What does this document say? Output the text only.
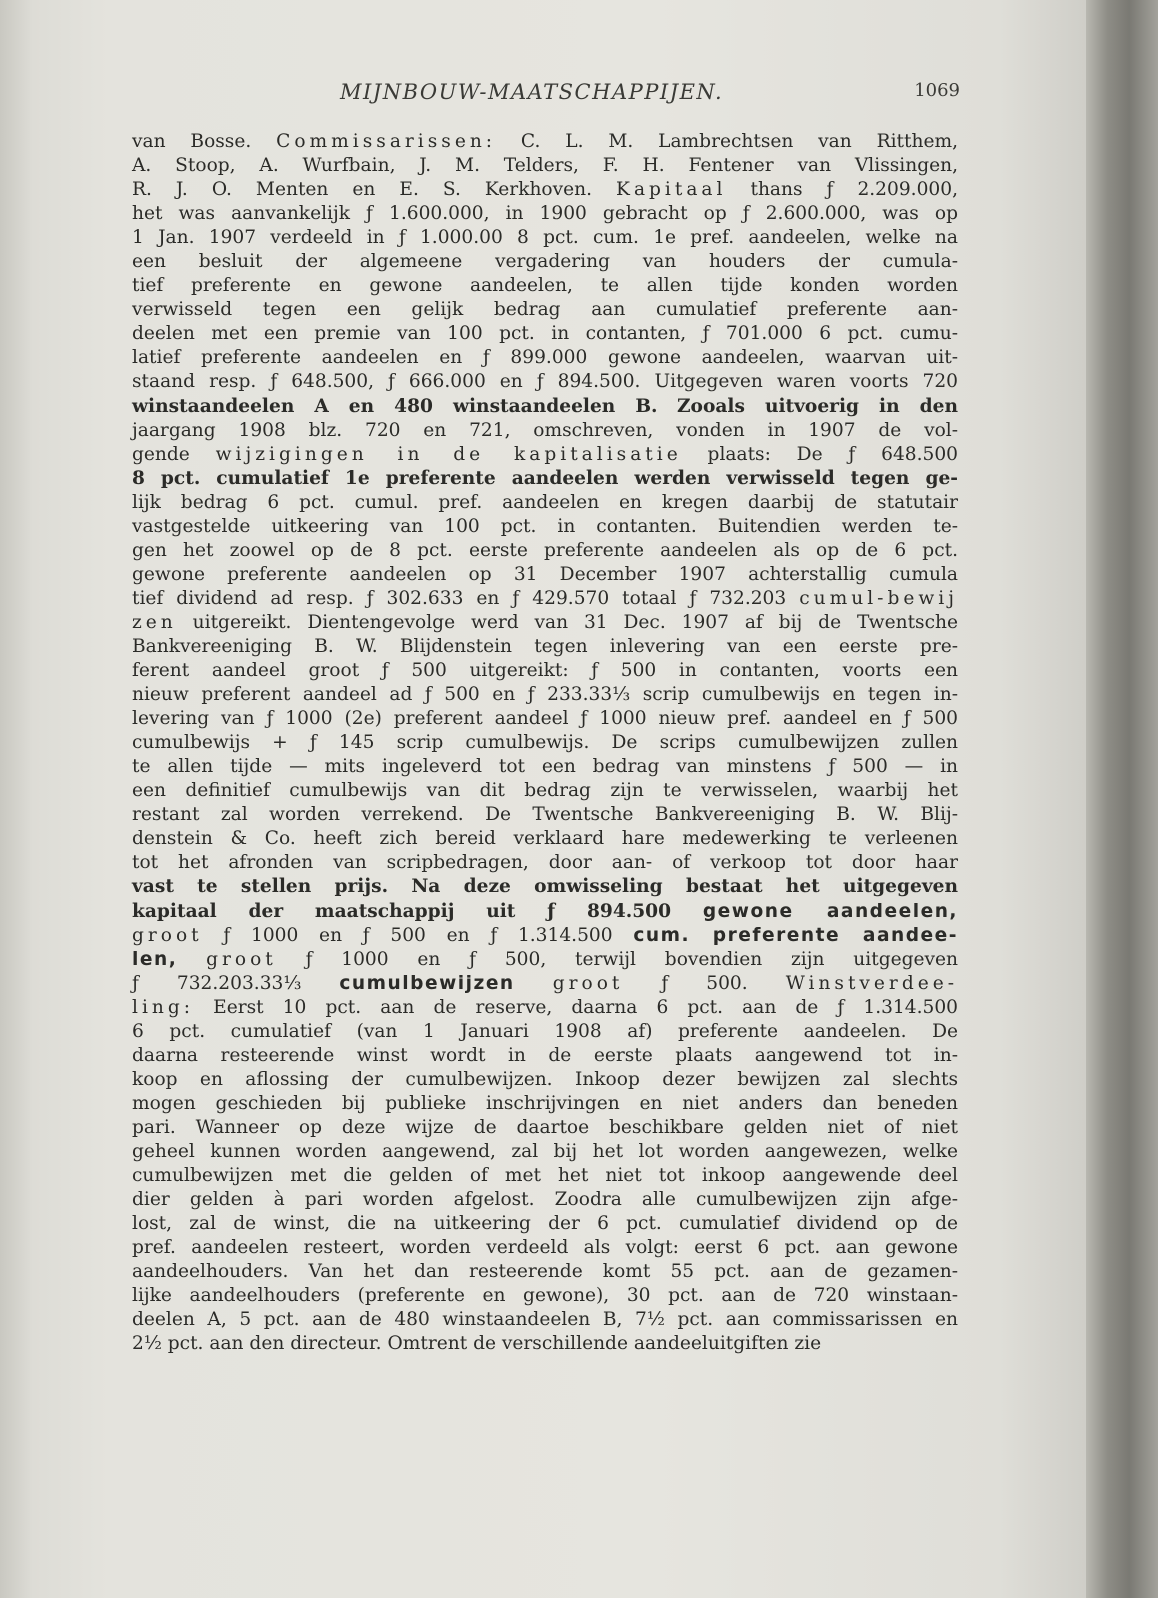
MIJNBOUW-MAATSCHAPPIJEN.	1069
van Bosse. Commissarissen: C. L. M. Lambrechtsen van Ritthem,
A. Stoop, A. Wurfbain, J. M. Telders, F. H. Fentener van Vlissingen,
R. J. O. Menten en E. S. Kerkhoven. Kapitaal thans ƒ 2.209.000,
het was aanvankelijk ƒ 1.600.000, in 1900 gebracht op ƒ 2.600.000, was op
1 Jan. 1907 verdeeld in ƒ 1.000.00 8 pct. cum. 1e pref. aandeelen, welke na
een besluit der algemeene vergadering van houders der cumula-
tief preferente en gewone aandeelen, te allen tijde konden worden
verwisseld tegen een gelijk bedrag aan cumulatief preferente aan-
deelen met een premie van 100 pct. in contanten, ƒ 701.000 6 pct. cumu-
latief preferente aandeelen en ƒ 899.000 gewone aandeelen, waarvan uit-
staand resp. ƒ 648.500, ƒ 666.000 en ƒ 894.500. Uitgegeven waren voorts 720
winstaandeelen A en 480 winstaandeelen B. Zooals uitvoerig in den
jaargang 1908 blz. 720 en 721, omschreven, vonden in 1907 de vol-
gende wijzigingen in de kapitalisatie plaats: De ƒ 648.500
8 pct. cumulatief 1e preferente aandeelen werden verwisseld tegen ge-
lijk bedrag 6 pct. cumul. pref. aandeelen en kregen daarbij de statutair
vastgestelde uitkeering van 100 pct. in contanten. Buitendien werden te-
gen het zoowel op de 8 pct. eerste preferente aandeelen als op de 6 pct.
gewone preferente aandeelen op 31 December 1907 achterstallig cumula
tief dividend ad resp. ƒ 302.633 en ƒ 429.570 totaal ƒ 732.203 cumul-bewij
zen uitgereikt. Dientengevolge werd van 31 Dec. 1907 af bij de Twentsche
Bankvereeniging B. W. Blijdenstein tegen inlevering van een eerste pre-
ferent aandeel groot ƒ 500 uitgereikt: ƒ 500 in contanten, voorts een
nieuw preferent aandeel ad ƒ 500 en ƒ 233.33⅓ scrip cumulbewijs en tegen in-
levering van ƒ 1000 (2e) preferent aandeel ƒ 1000 nieuw pref. aandeel en ƒ 500
cumulbewijs + ƒ 145 scrip cumulbewijs. De scrips cumulbewijzen zullen
te allen tijde — mits ingeleverd tot een bedrag van minstens ƒ 500 — in
een definitief cumulbewijs van dit bedrag zijn te verwisselen, waarbij het
restant zal worden verrekend. De Twentsche Bankvereeniging B. W. Blij-
denstein & Co. heeft zich bereid verklaard hare medewerking te verleenen
tot het afronden van scripbedragen, door aan- of verkoop tot door haar
vast te stellen prijs. Na deze omwisseling bestaat het uitgegeven
kapitaal der maatschappij uit ƒ 894.500 gewone aandeelen,
groot ƒ 1000 en ƒ 500 en ƒ 1.314.500 cum. preferente aandee-
len, groot ƒ 1000 en ƒ 500, terwijl bovendien zijn uitgegeven
ƒ 732.203.33⅓ cumulbewijzen groot ƒ 500. Winstverdee-
ling: Eerst 10 pct. aan de reserve, daarna 6 pct. aan de ƒ 1.314.500
6 pct. cumulatief (van 1 Januari 1908 af) preferente aandeelen. De
daarna resteerende winst wordt in de eerste plaats aangewend tot in-
koop en aflossing der cumulbewijzen. Inkoop dezer bewijzen zal slechts
mogen geschieden bij publieke inschrijvingen en niet anders dan beneden
pari. Wanneer op deze wijze de daartoe beschikbare gelden niet of niet
geheel kunnen worden aangewend, zal bij het lot worden aangewezen, welke
cumulbewijzen met die gelden of met het niet tot inkoop aangewende deel
dier gelden à pari worden afgelost. Zoodra alle cumulbewijzen zijn afge-
lost, zal de winst, die na uitkeering der 6 pct. cumulatief dividend op de
pref. aandeelen resteert, worden verdeeld als volgt: eerst 6 pct. aan gewone
aandeelhouders. Van het dan resteerende komt 55 pct. aan de gezamen-
lijke aandeelhouders (preferente en gewone), 30 pct. aan de 720 winstaan-
deelen A, 5 pct. aan de 480 winstaandeelen B, 7½ pct. aan commissarissen en
2½ pct. aan den directeur. Omtrent de verschillende aandeeluitgiften zie
